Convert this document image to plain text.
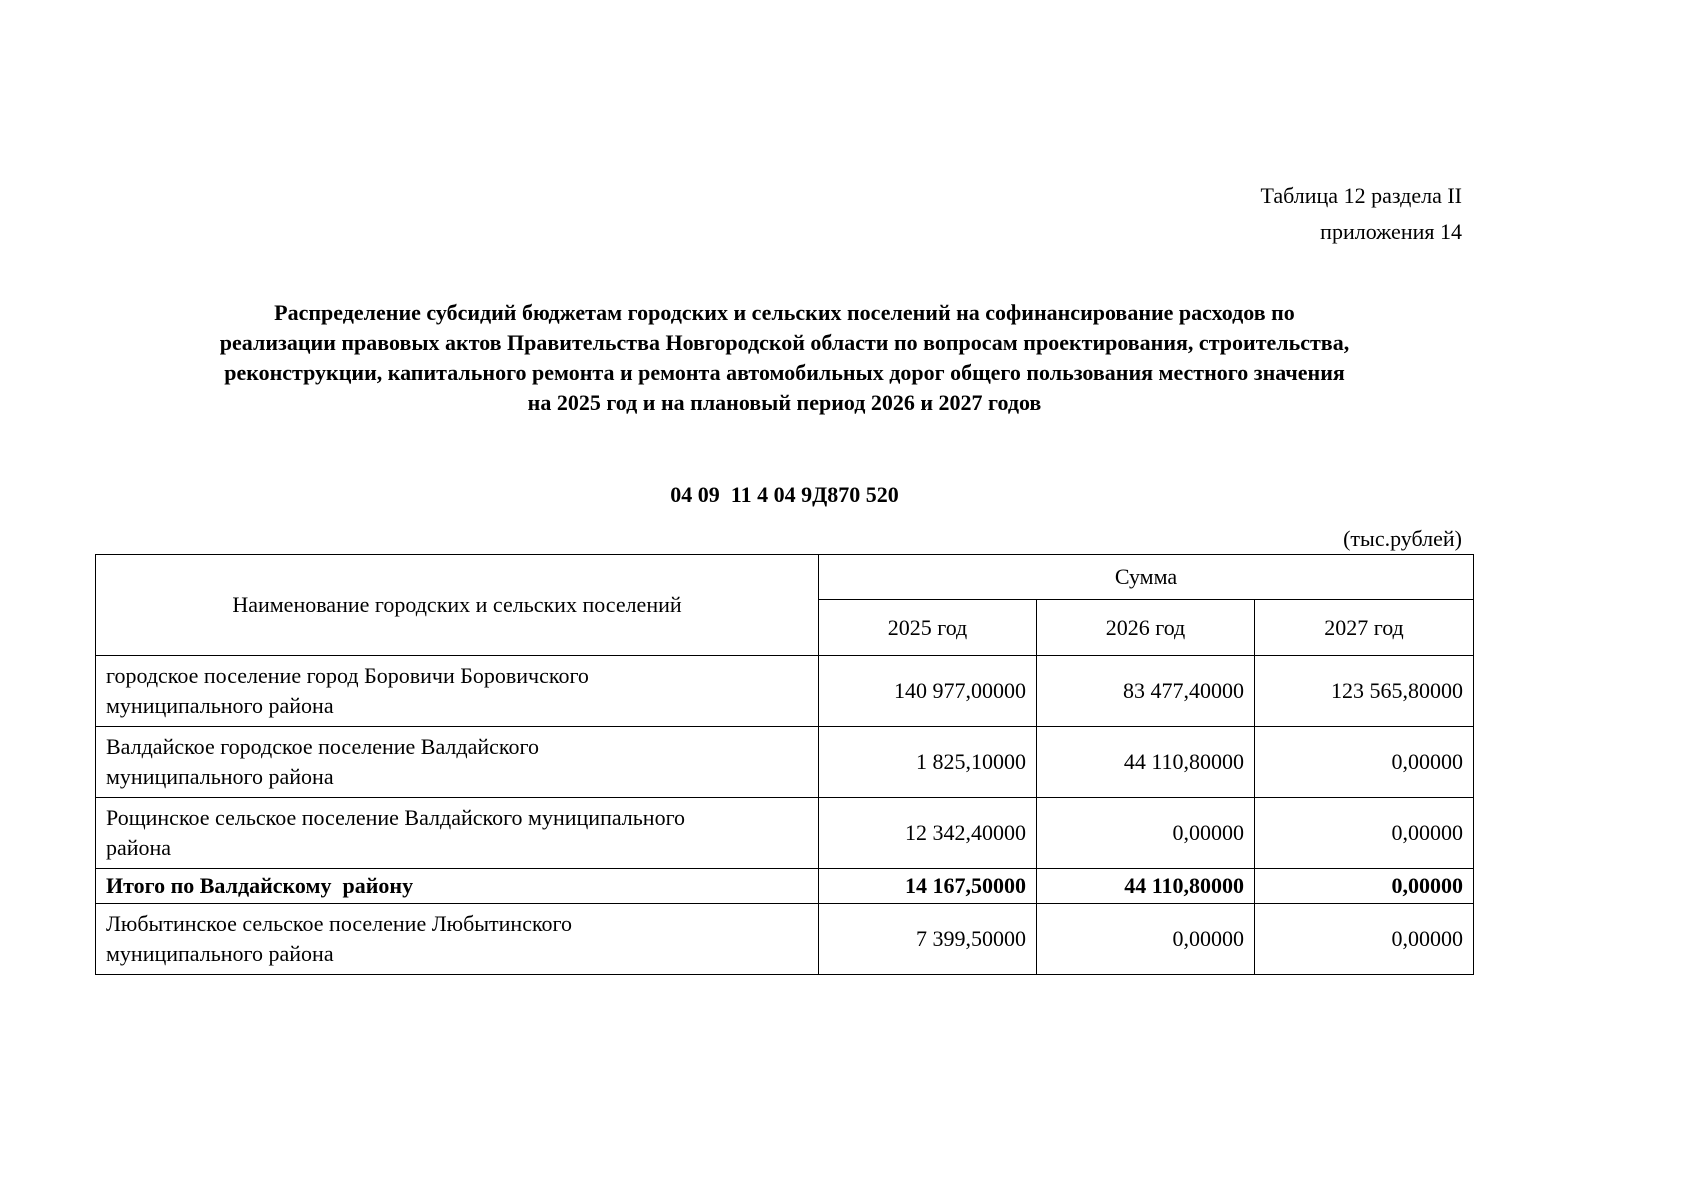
Таблица 12 раздела II
приложения 14
Распределение субсидий бюджетам городских и сельских поселений на софинансирование расходов по
реализации правовых актов Правительства Новгородской области по вопросам проектирования, строительства,
реконструкции, капитального ремонта и ремонта автомобильных дорог общего пользования местного значения
на 2025 год и на плановый период 2026 и 2027 годов
04 09  11 4 04 9Д870 520
(тыс.рублей)
Наименование городских и сельских поселений	Сумма		
	2025 год	2026 год	2027 год

городское поселение город Боровичи Боровичского
муниципального района	140 977,00000	83 477,40000	123 565,80000

Валдайское городское поселение Валдайского
муниципального района	1 825,10000	44 110,80000	0,00000

Рощинское сельское поселение Валдайского муниципального
района	12 342,40000	0,00000	0,00000
Итого по Валдайскому  району	14 167,50000	44 110,80000	0,00000

Любытинское сельское поселение Любытинского
муниципального района	7 399,50000	0,00000	0,00000
